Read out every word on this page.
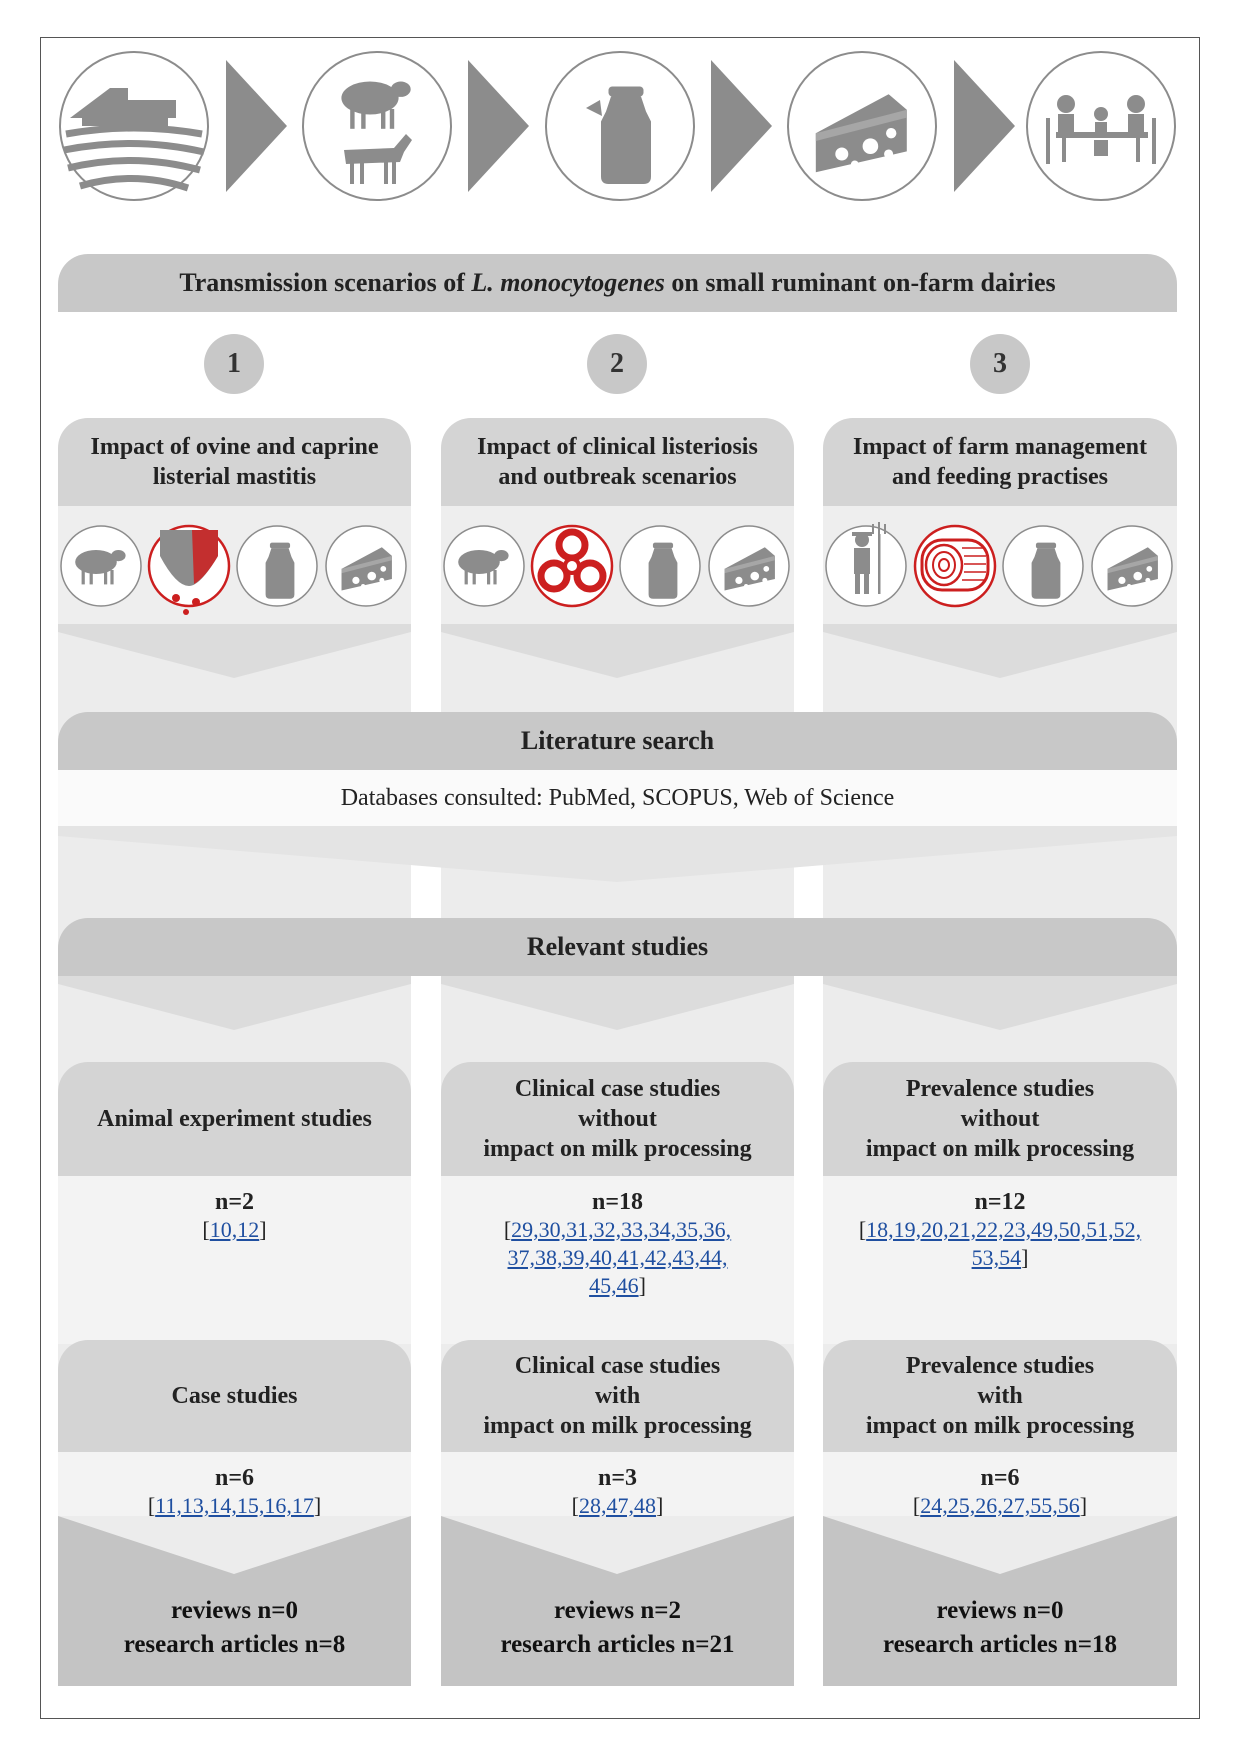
Transmission scenarios of L. monocytogenes on small ruminant on-farm dairies
1	2	3
Impact of ovine and caprine
listerial mastitis
Impact of clinical listeriosis
and outbreak scenarios
Impact of farm management
and feeding practises
Literature search
Databases consulted: PubMed, SCOPUS, Web of Science
Relevant studies
Animal experiment studies
Clinical case studies
without
impact on milk processing
Prevalence studies
without
impact on milk processing
n=2
[10,12]
n=18
[29,30,31,32,33,34,35,36,
37,38,39,40,41,42,43,44,
45,46]
n=12
[18,19,20,21,22,23,49,50,51,52,
53,54]
Case studies
Clinical case studies
with
impact on milk processing
Prevalence studies
with
impact on milk processing
n=6
[11,13,14,15,16,17]
n=3
[28,47,48]
n=6
[24,25,26,27,55,56]
reviews n=0
research articles n=8
reviews n=2
research articles n=21
reviews n=0
research articles n=18
